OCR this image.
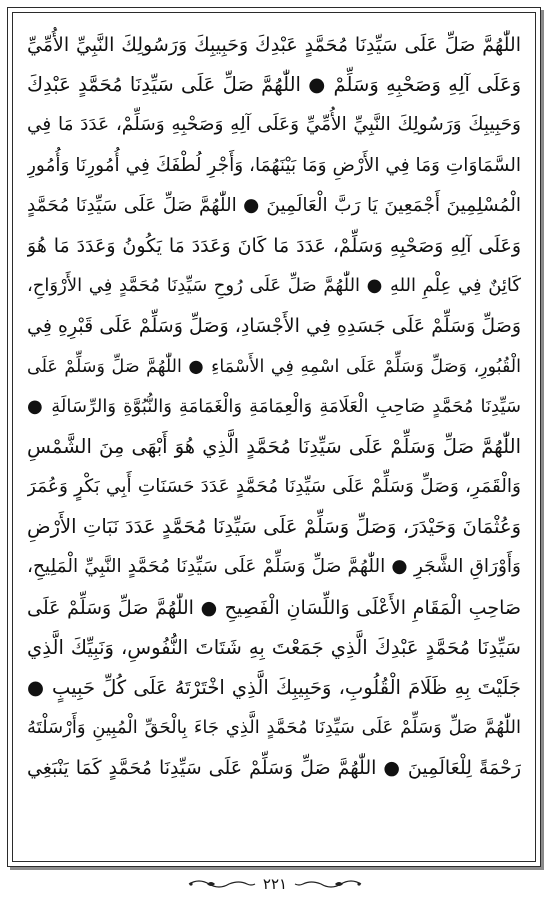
اللّٰهُمَّ صَلِّ عَلَى سَيِّدِنَا مُحَمَّدٍ عَبْدِكَ وَحَبِيبِكَ وَرَسُولِكَ النَّبِيِّ الأُمِّيِّ
وَعَلَى آلِهِ وَصَحْبِهِ وَسَلِّمْ ● اللّٰهُمَّ صَلِّ عَلَى سَيِّدِنَا مُحَمَّدٍ عَبْدِكَ
وَحَبِيبِكَ وَرَسُولِكَ النَّبِيِّ الأُمِّيِّ وَعَلَى آلِهِ وَصَحْبِهِ وَسَلِّمْ، عَدَدَ مَا فِي
السَّمَاوَاتِ وَمَا فِي الأَرْضِ وَمَا بَيْنَهُمَا، وَأَجْرِ لُطْفَكَ فِي أُمُورِنَا وَأُمُورِ
الْمُسْلِمِينَ أَجْمَعِينَ يَا رَبَّ الْعَالَمِينَ ● اللّٰهُمَّ صَلِّ عَلَى سَيِّدِنَا مُحَمَّدٍ
وَعَلَى آلِهِ وَصَحْبِهِ وَسَلِّمْ، عَدَدَ مَا كَانَ وَعَدَدَ مَا يَكُونُ وَعَدَدَ مَا هُوَ
كَائِنٌ فِي عِلْمِ اللهِ ● اللّٰهُمَّ صَلِّ عَلَى رُوحِ سَيِّدِنَا مُحَمَّدٍ فِي الأَرْوَاحِ،
وَصَلِّ وَسَلِّمْ عَلَى جَسَدِهِ فِي الأَجْسَادِ، وَصَلِّ وَسَلِّمْ عَلَى قَبْرِهِ فِي
الْقُبُورِ، وَصَلِّ وَسَلِّمْ عَلَى اسْمِهِ فِي الأَسْمَاءِ ● اللّٰهُمَّ صَلِّ وَسَلِّمْ عَلَى
سَيِّدِنَا مُحَمَّدٍ صَاحِبِ الْعَلَامَةِ وَالْعِمَامَةِ وَالْغَمَامَةِ وَالنُّبُوَّةِ وَالرِّسَالَةِ ●
اللّٰهُمَّ صَلِّ وَسَلِّمْ عَلَى سَيِّدِنَا مُحَمَّدٍ الَّذِي هُوَ أَبْهَى مِنَ الشَّمْسِ
وَالْقَمَرِ، وَصَلِّ وَسَلِّمْ عَلَى سَيِّدِنَا مُحَمَّدٍ عَدَدَ حَسَنَاتِ أَبِي بَكْرٍ وَعُمَرَ
وَعُثْمَانَ وَحَيْدَرَ، وَصَلِّ وَسَلِّمْ عَلَى سَيِّدِنَا مُحَمَّدٍ عَدَدَ نَبَاتِ الأَرْضِ
وَأَوْرَاقِ الشَّجَرِ ● اللّٰهُمَّ صَلِّ وَسَلِّمْ عَلَى سَيِّدِنَا مُحَمَّدٍ النَّبِيِّ الْمَلِيحِ،
صَاحِبِ الْمَقَامِ الأَعْلَى وَاللِّسَانِ الْفَصِيحِ ● اللّٰهُمَّ صَلِّ وَسَلِّمْ عَلَى
سَيِّدِنَا مُحَمَّدٍ عَبْدِكَ الَّذِي جَمَعْتَ بِهِ شَتَاتَ النُّفُوسِ، وَنَبِيِّكَ الَّذِي
جَلَيْتَ بِهِ ظَلَامَ الْقُلُوبِ، وَحَبِيبِكَ الَّذِي اخْتَرْتَهُ عَلَى كُلِّ حَبِيبٍ ●
اللّٰهُمَّ صَلِّ وَسَلِّمْ عَلَى سَيِّدِنَا مُحَمَّدٍ الَّذِي جَاءَ بِالْحَقِّ الْمُبِينِ وَأَرْسَلْتَهُ
رَحْمَةً لِلْعَالَمِينَ ● اللّٰهُمَّ صَلِّ وَسَلِّمْ عَلَى سَيِّدِنَا مُحَمَّدٍ كَمَا يَنْبَغِي
٢٢١
